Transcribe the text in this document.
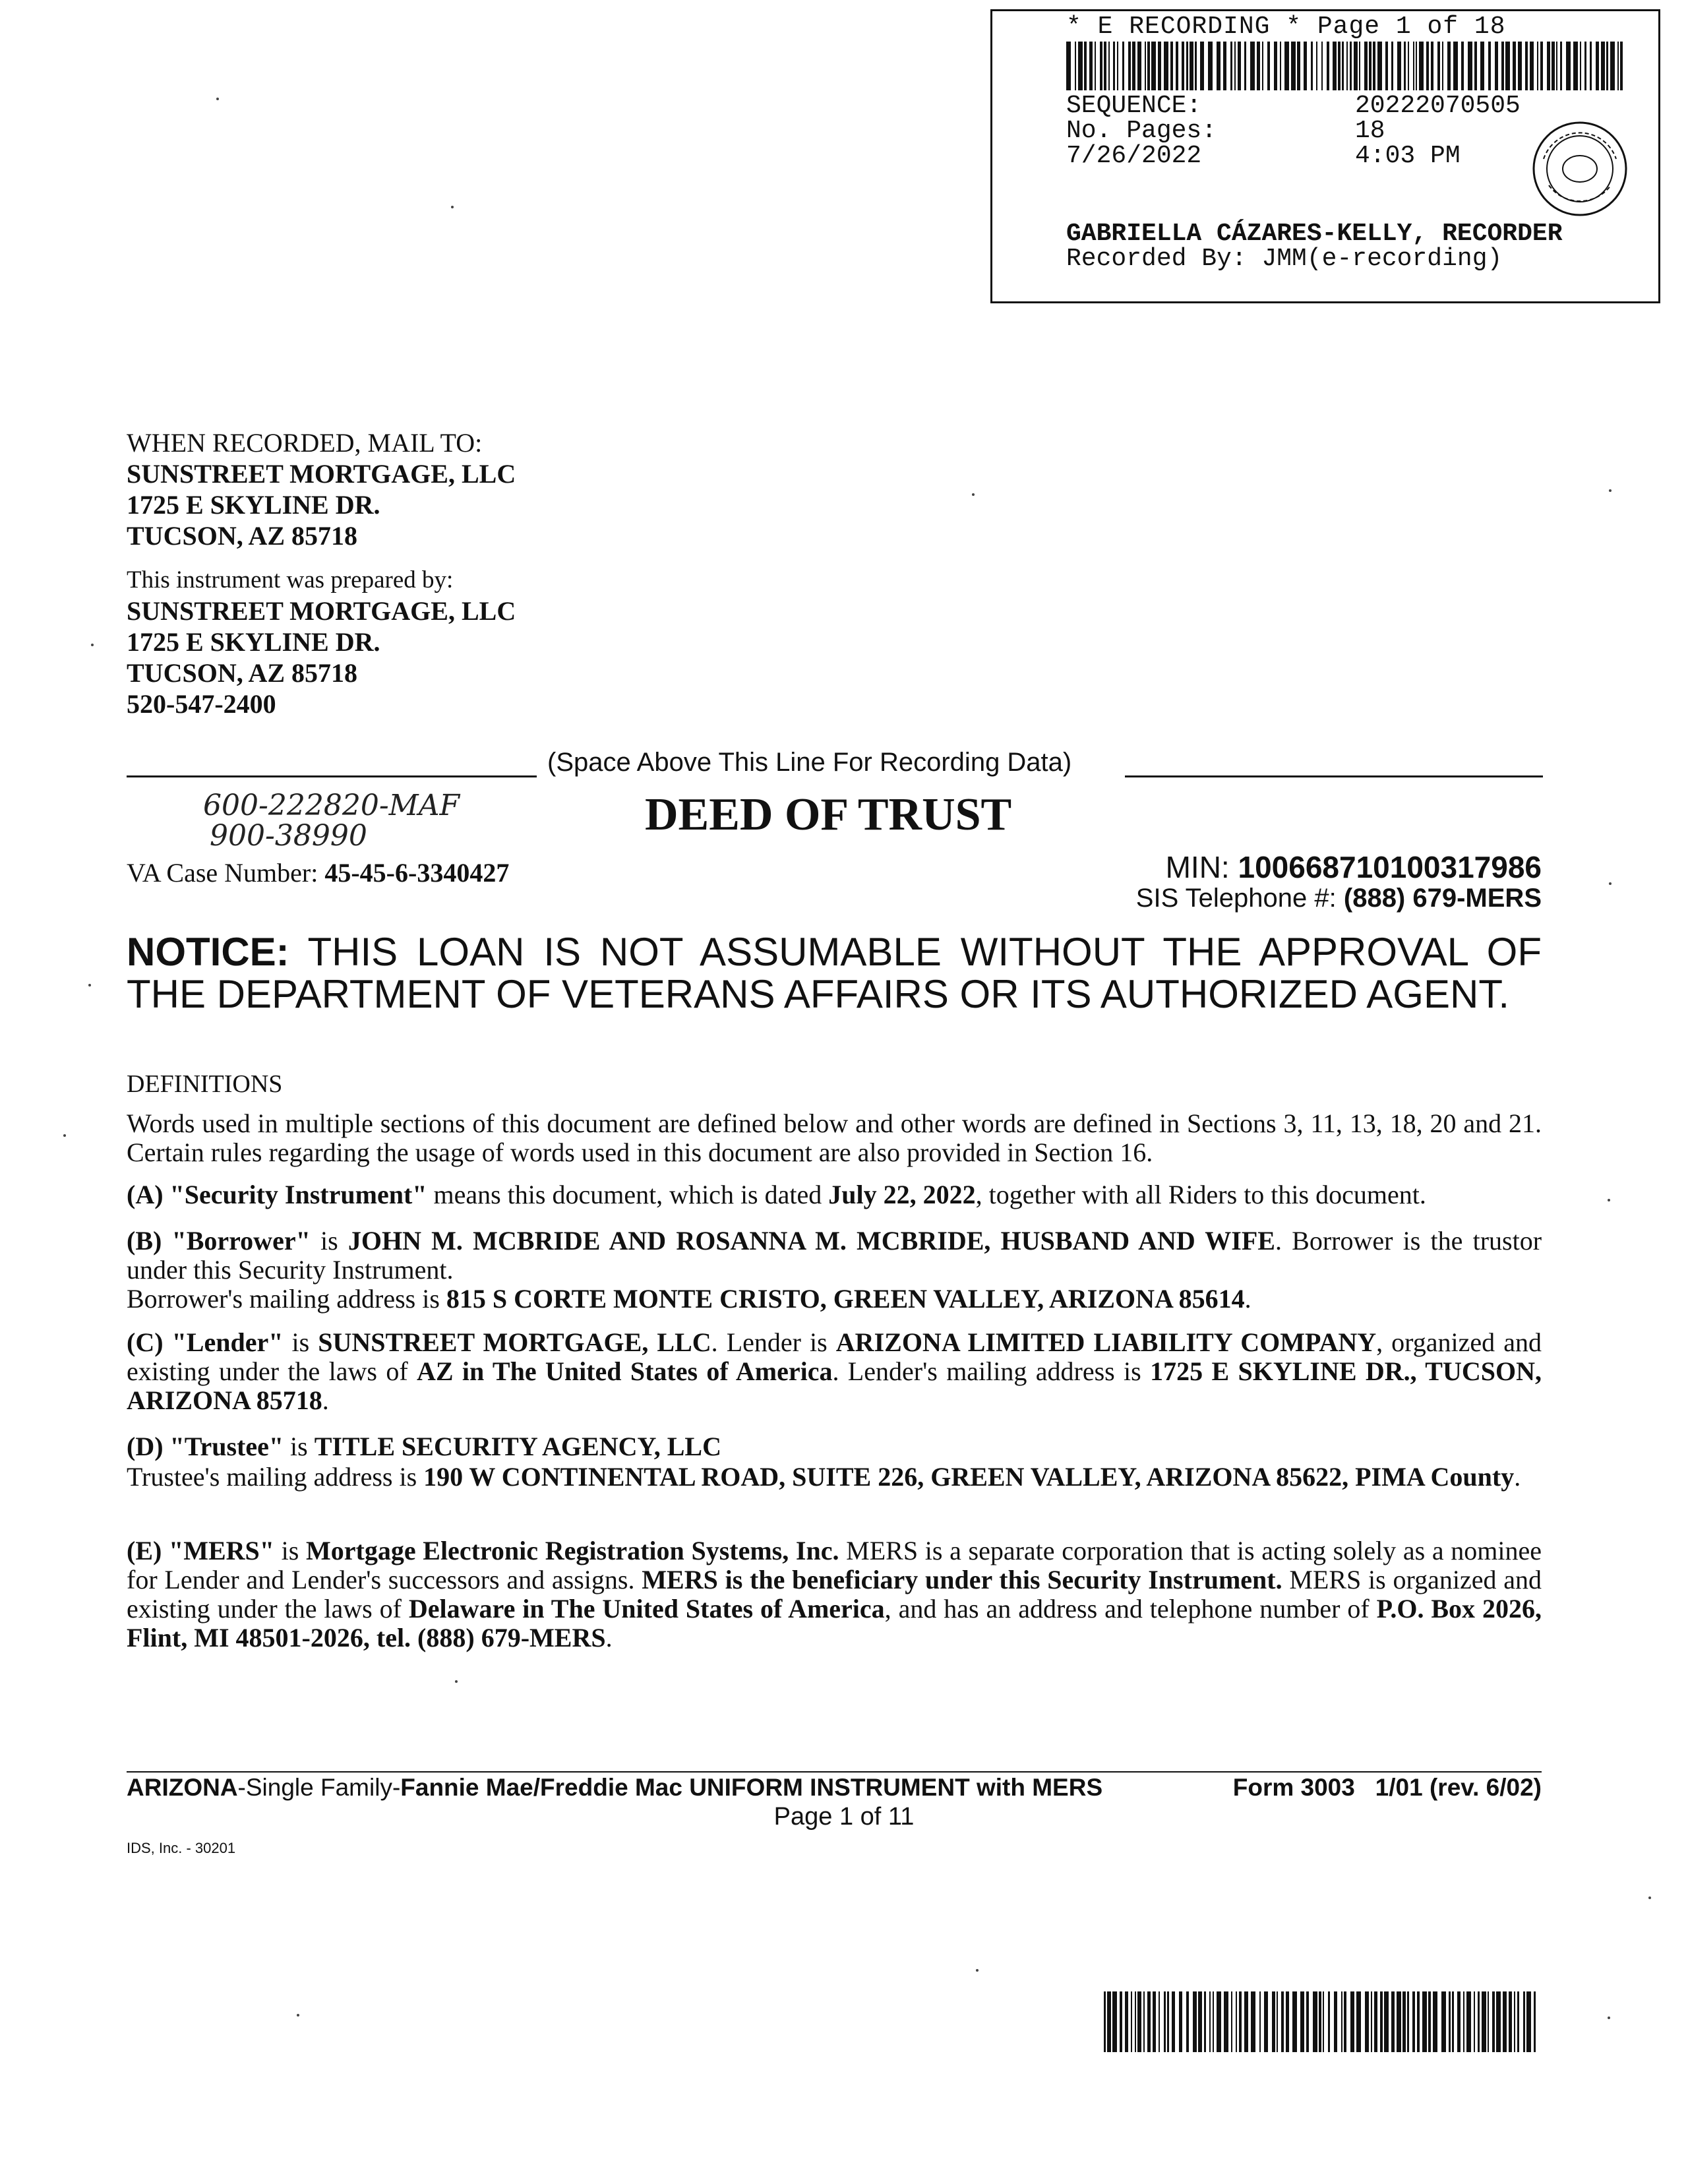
* E RECORDING * Page 1 of 18
SEQUENCE:	20222070505
No. Pages:	18
7/26/2022	4:03 PM
GABRIELLA CÁZARES-KELLY, RECORDER
Recorded By: JMM(e-recording)
WHEN RECORDED, MAIL TO:
SUNSTREET MORTGAGE, LLC
1725 E SKYLINE DR.
TUCSON, AZ 85718
This instrument was prepared by:
SUNSTREET MORTGAGE, LLC
1725 E SKYLINE DR.
TUCSON, AZ 85718
520-547-2400
(Space Above This Line For Recording Data)
600-222820-MAF
900-38990	DEED OF TRUST
VA Case Number: 45-45-6-3340427	MIN: 100668710100317986
SIS Telephone #: (888) 679-MERS
NOTICE: THIS LOAN IS NOT ASSUMABLE WITHOUT THE APPROVAL OF THE DEPARTMENT OF VETERANS AFFAIRS OR ITS AUTHORIZED AGENT.
DEFINITIONS
Words used in multiple sections of this document are defined below and other words are defined in Sections 3, 11, 13, 18, 20 and 21. Certain rules regarding the usage of words used in this document are also provided in Section 16.
(A) "Security Instrument" means this document, which is dated July 22, 2022, together with all Riders to this document.
(B) "Borrower" is JOHN M. MCBRIDE AND ROSANNA M. MCBRIDE, HUSBAND AND WIFE. Borrower is the trustor under this Security Instrument.
Borrower's mailing address is 815 S CORTE MONTE CRISTO, GREEN VALLEY, ARIZONA 85614.
(C) "Lender" is SUNSTREET MORTGAGE, LLC. Lender is ARIZONA LIMITED LIABILITY COMPANY, organized and existing under the laws of AZ in The United States of America. Lender's mailing address is 1725 E SKYLINE DR., TUCSON, ARIZONA 85718.
(D) "Trustee" is TITLE SECURITY AGENCY, LLC
Trustee's mailing address is 190 W CONTINENTAL ROAD, SUITE 226, GREEN VALLEY, ARIZONA 85622, PIMA County.
(E) "MERS" is Mortgage Electronic Registration Systems, Inc. MERS is a separate corporation that is acting solely as a nominee for Lender and Lender's successors and assigns. MERS is the beneficiary under this Security Instrument. MERS is organized and existing under the laws of Delaware in The United States of America, and has an address and telephone number of P.O. Box 2026, Flint, MI 48501-2026, tel. (888) 679-MERS.
ARIZONA-Single Family-Fannie Mae/Freddie Mac UNIFORM INSTRUMENT with MERS	Form 3003   1/01 (rev. 6/02)
Page 1 of 11
IDS, Inc. - 30201
